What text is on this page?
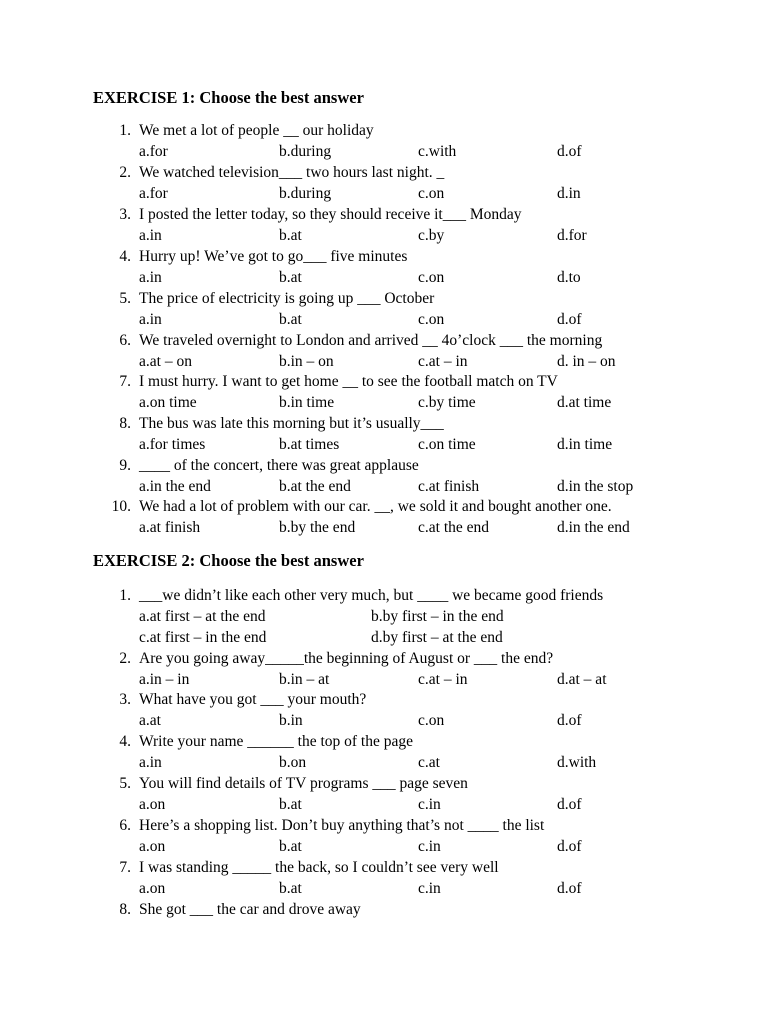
EXERCISE 1: Choose the best answer
1. We met a lot of people __ our holiday
a.for	b.during	c.with	d.of
2. We watched television___ two hours last night. _
a.for	b.during	c.on	d.in
3. I posted the letter today, so they should receive it___ Monday
a.in	b.at	c.by	d.for
4. Hurry up! We’ve got to go___ five minutes
a.in	b.at	c.on	d.to
5. The price of electricity is going up ___ October
a.in	b.at	c.on	d.of
6. We traveled overnight to London and arrived __ 4o’clock ___ the morning
a.at – on	b.in – on	c.at – in	d. in – on
7. I must hurry. I want to get home __ to see the football match on TV
a.on time	b.in time	c.by time	d.at time
8. The bus was late this morning but it’s usually___
a.for times	b.at times	c.on time	d.in time
9. ____ of the concert, there was great applause
a.in the end	b.at the end	c.at finish	d.in the stop
10. We had a lot of problem with our car. __, we sold it and bought another one.
a.at finish	b.by the end	c.at the end	d.in the end
EXERCISE 2: Choose the best answer
1. ___we didn’t like each other very much, but ____ we became good friends
a.at first – at the end	b.by first – in the end
c.at first – in the end	d.by first – at the end
2. Are you going away_____the beginning of August or ___ the end?
a.in – in	b.in – at	c.at – in	d.at – at
3. What have you got ___ your mouth?
a.at	b.in	c.on	d.of
4. Write your name ______ the top of the page
a.in	b.on	c.at	d.with
5. You will find details of TV programs ___ page seven
a.on	b.at	c.in	d.of
6. Here’s a shopping list. Don’t buy anything that’s not ____ the list
a.on	b.at	c.in	d.of
7. I was standing _____ the back, so I couldn’t see very well
a.on	b.at	c.in	d.of
8. She got ___ the car and drove away
